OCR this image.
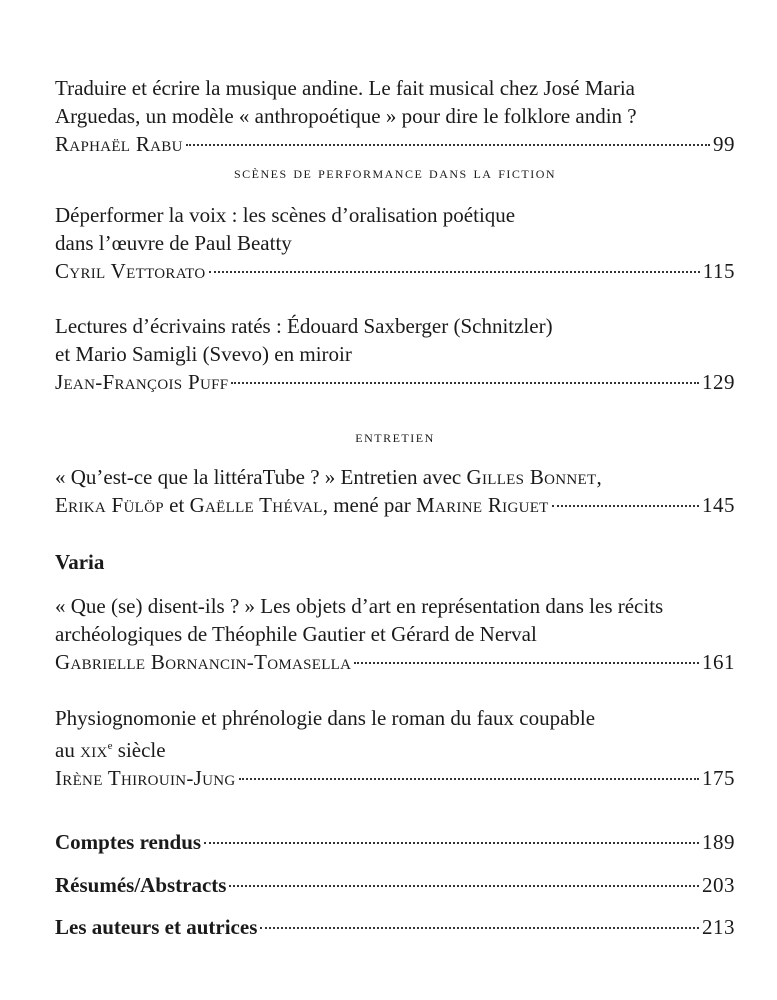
Traduire et écrire la musique andine. Le fait musical chez José Maria

Arguedas, un modèle « anthropoétique » pour dire le folklore andin ?

Raphaël Rabu	99
scènes de performance dans la fiction

Déperformer la voix : les scènes d’oralisation poétique

dans l’œuvre de Paul Beatty

Cyril Vettorato	115

Lectures d’écrivains ratés : Édouard Saxberger (Schnitzler)

et Mario Samigli (Svevo) en miroir

Jean-François Puff	129
entretien

« Qu’est-ce que la littéraTube ? » Entretien avec Gilles Bonnet,

Erika Fülöp et Gaëlle Théval, mené par Marine Riguet	145
Varia

« Que (se) disent-ils ? » Les objets d’art en représentation dans les récits

archéologiques de Théophile Gautier et Gérard de Nerval

Gabrielle Bornancin-Tomasella	161

Physiognomonie et phrénologie dans le roman du faux coupable

au xix$^e$ siècle

Irène Thirouin-Jung	175
Comptes rendus	189
Résumés/Abstracts	203
Les auteurs et autrices	213
